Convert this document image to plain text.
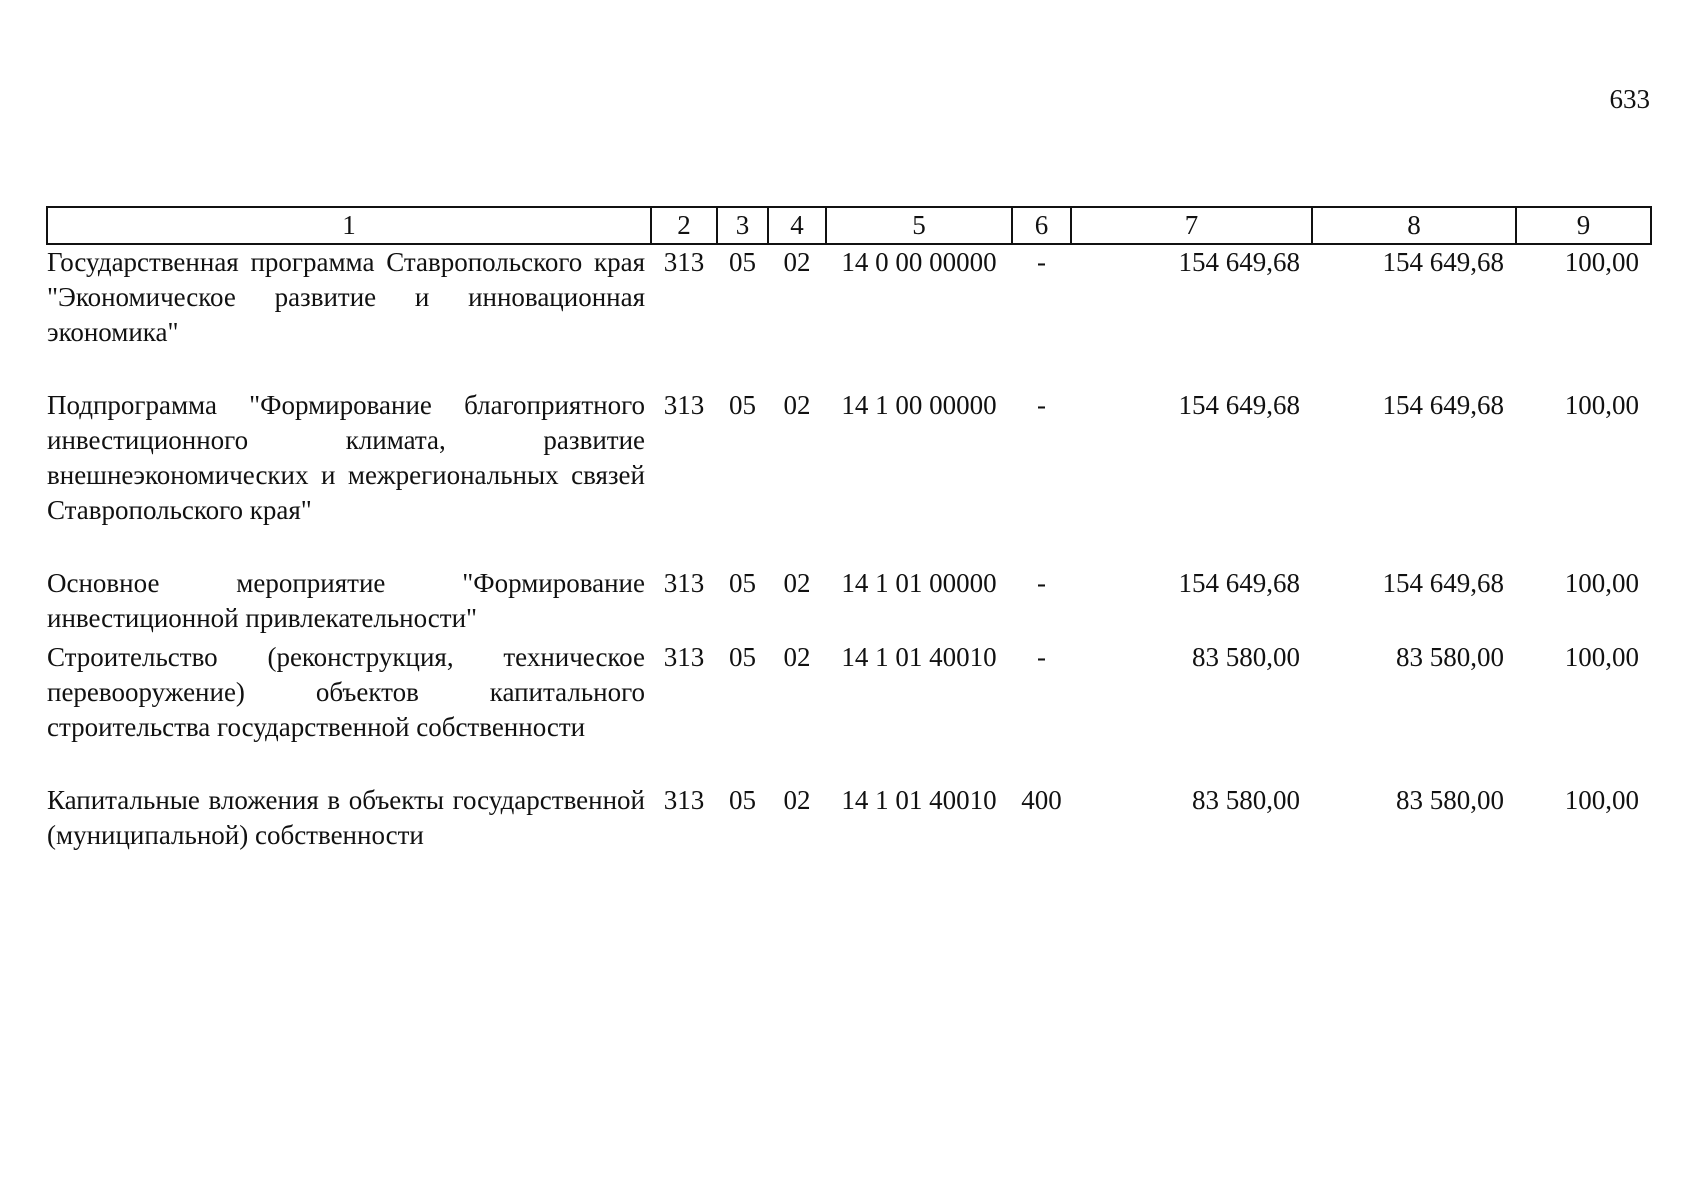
633
1	2	3	4	5	6	7	8	9
Государственная программа Ставропольского края "Экономическое развитие и инновационная экономика"	313	05	02	14 0 00 00000	-	154 649,68	154 649,68	100,00
Подпрограмма "Формирование благоприятного инвестиционного климата, развитие внешнеэкономических и межрегиональных связей Ставропольского края"	313	05	02	14 1 00 00000	-	154 649,68	154 649,68	100,00
Основное мероприятие "Формирование инвестиционной привлекательности"	313	05	02	14 1 01 00000	-	154 649,68	154 649,68	100,00
Строительство (реконструкция, техническое перевооружение) объектов капитального строительства государственной собственности	313	05	02	14 1 01 40010	-	83 580,00	83 580,00	100,00
Капитальные вложения в объекты государственной (муниципальной) собственности	313	05	02	14 1 01 40010	400	83 580,00	83 580,00	100,00
